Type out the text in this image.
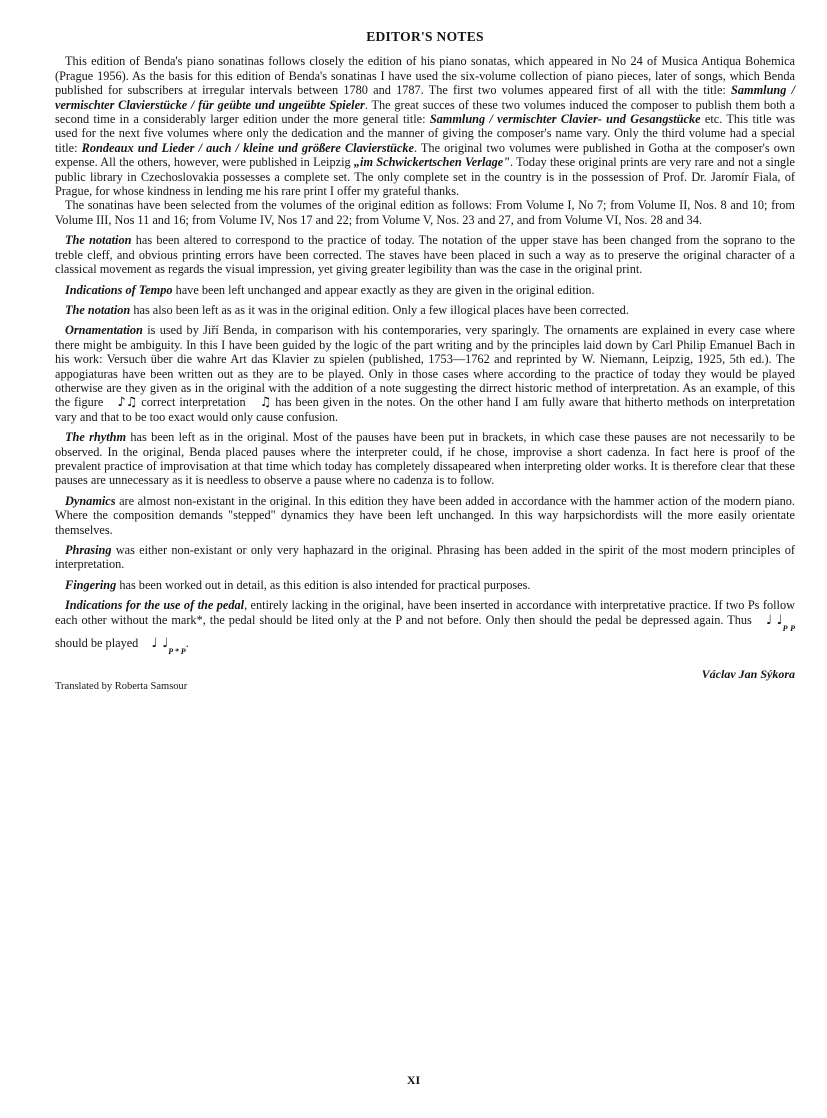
EDITOR'S NOTES

This edition of Benda's piano sonatinas follows closely the edition of his piano sonatas, which appeared in No 24 of Musica Antiqua Bohemica (Prague 1956). As the basis for this edition of Benda's sonatinas I have used the six-volume collection of piano pieces, later of songs, which Benda published for subscribers at irregular intervals between 1780 and 1787. The first two volumes appeared first of all with the title: Sammlung / vermischter Clavierstücke / für geübte und ungeübte Spieler. The great succes of these two volumes induced the composer to publish them both a second time in a considerably larger edition under the more general title: Sammlung / vermischter Clavier- und Gesangstücke etc. This title was used for the next five volumes where only the dedication and the manner of giving the composer's name vary. Only the third volume had a special title: Rondeaux und Lieder / auch / kleine und größere Clavierstücke. The original two volumes were published in Gotha at the composer's own expense. All the others, however, were published in Leipzig „im Schwickertschen Verlage". Today these original prints are very rare and not a single public library in Czechoslovakia possesses a complete set. The only complete set in the country is in the possession of Prof. Dr. Jaromír Fiala, of Prague, for whose kindness in lending me his rare print I offer my grateful thanks.

The sonatinas have been selected from the volumes of the original edition as follows: From Volume I, No 7; from Volume II, Nos. 8 and 10; from Volume III, Nos 11 and 16; from Volume IV, Nos 17 and 22; from Volume V, Nos. 23 and 27, and from Volume VI, Nos. 28 and 34.

The notation has been altered to correspond to the practice of today. The notation of the upper stave has been changed from the soprano to the treble cleff, and obvious printing errors have been corrected. The staves have been placed in such a way as to preserve the original character of a classical movement as regards the visual impression, yet giving greater legibility than was the case in the original print.

Indications of Tempo have been left unchanged and appear exactly as they are given in the original edition.

The notation has also been left as as it was in the original edition. Only a few illogical places have been corrected.

Ornamentation is used by Jiří Benda, in comparison with his contemporaries, very sparingly. The ornaments are explained in every case where there might be ambiguity. In this I have been guided by the logic of the part writing and by the principles laid down by Carl Philip Emanuel Bach in his work: Versuch über die wahre Art das Klavier zu spielen (published, 1753—1762 and reprinted by W. Niemann, Leipzig, 1925, 5th ed.). The appogiaturas have been written out as they are to be played. Only in those cases where according to the practice of today they would be played otherwise are they given as in the original with the addition of a note suggesting the dirrect historic method of interpretation. As an example, of this the figure ♪♫ correct interpretation ♫ has been given in the notes. On the other hand I am fully aware that hitherto methods on interpretation vary and that to be too exact would only cause confusion.

The rhythm has been left as in the original. Most of the pauses have been put in brackets, in which case these pauses are not necessarily to be observed. In the original, Benda placed pauses where the interpreter could, if he chose, improvise a short cadenza. In fact here is proof of the prevalent practice of improvisation at that time which today has completely dissapeared when interpreting older works. It is therefore clear that these pauses are unnecessary as it is needless to observe a pause where no cadenza is to follow.

Dynamics are almost non-existant in the original. In this edition they have been added in accordance with the hammer action of the modern piano. Where the composition demands "stepped" dynamics they have been left unchanged. In this way harpsichordists will the more easily orientate themselves.

Phrasing was either non-existant or only very haphazard in the original. Phrasing has been added in the spirit of the most modern principles of interpretation.

Fingering has been worked out in detail, as this edition is also intended for practical purposes.

Indications for the use of the pedal, entirely lacking in the original, have been inserted in accordance with interpretative practice. If two Ps follow each other without the mark*, the pedal should be lited only at the P and not before. Only then should the pedal be depressed again. Thus ♩ $♩_{P P}$ should be played ♩ $♩_{P * P}$.

Václav Jan Sýkora
Translated by Roberta Samsour
XI
